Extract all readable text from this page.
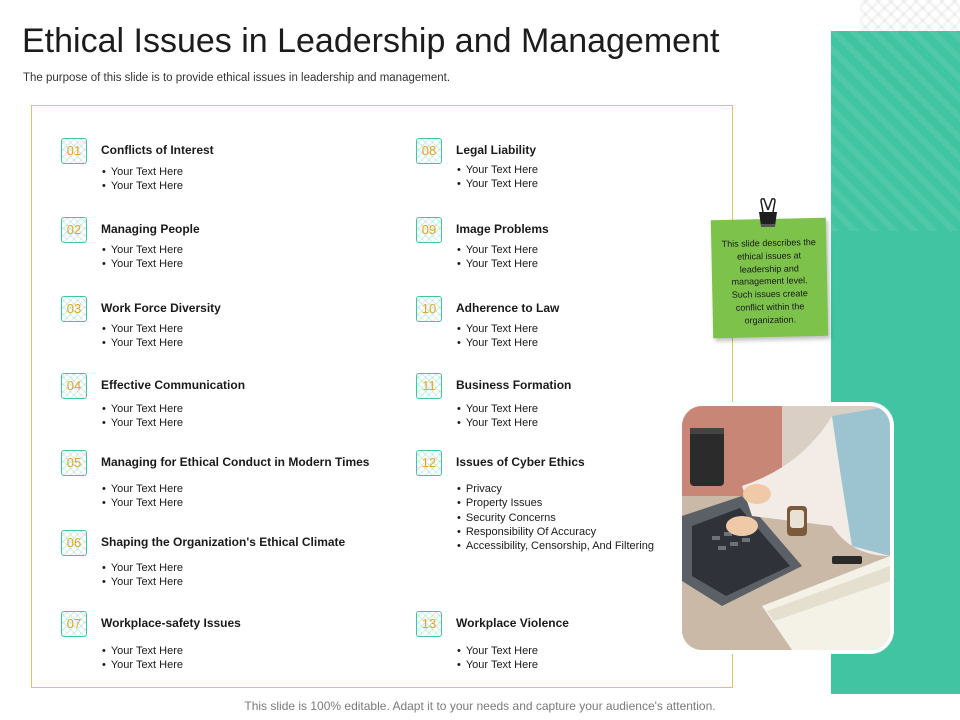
Ethical Issues in Leadership and Management
The purpose of this slide is to provide ethical issues in leadership and management.
01	Conflicts of Interest
• Your Text Here
• Your Text Here
02	Managing People
• Your Text Here
• Your Text Here
03	Work Force Diversity
• Your Text Here
• Your Text Here
04	Effective Communication
• Your Text Here
• Your Text Here
05	Managing for Ethical Conduct in Modern Times
• Your Text Here
• Your Text Here
06	Shaping the Organization's Ethical Climate
• Your Text Here
• Your Text Here
07	Workplace-safety Issues
• Your Text Here
• Your Text Here
08	Legal Liability
• Your Text Here
• Your Text Here
09	Image Problems
• Your Text Here
• Your Text Here
10	Adherence to Law
• Your Text Here
• Your Text Here
11	Business Formation
• Your Text Here
• Your Text Here
12	Issues of Cyber Ethics
• Privacy
• Property Issues
• Security Concerns
• Responsibility Of Accuracy
• Accessibility, Censorship, And Filtering
13	Workplace Violence
• Your Text Here
• Your Text Here
This slide describes the
ethical issues at
leadership and
management level.
Such issues create
conflict within the
organization.
This slide is 100% editable. Adapt it to your needs and capture your audience's attention.
